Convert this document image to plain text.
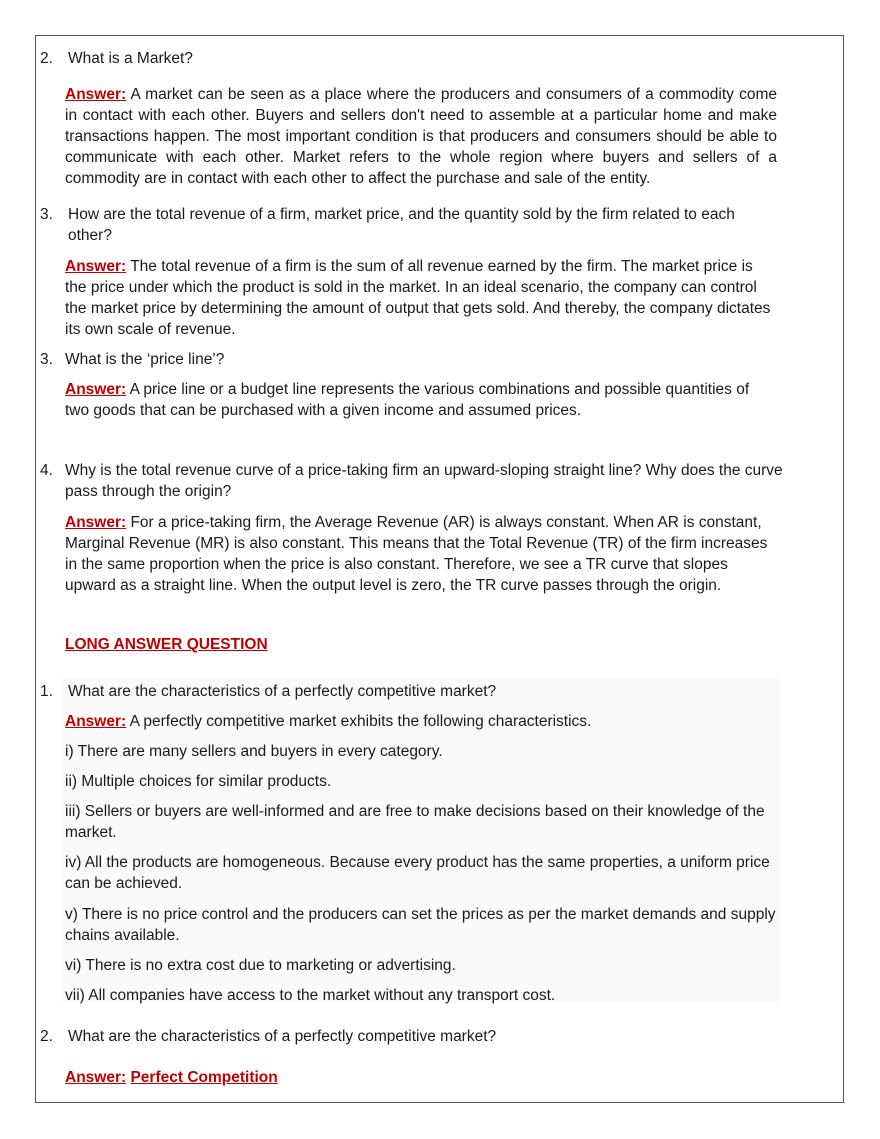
2. What is a Market?
Answer: A market can be seen as a place where the producers and consumers of a commodity come in contact with each other. Buyers and sellers don't need to assemble at a particular home and make transactions happen. The most important condition is that producers and consumers should be able to communicate with each other. Market refers to the whole region where buyers and sellers of a commodity are in contact with each other to affect the purchase and sale of the entity.
3. How are the total revenue of a firm, market price, and the quantity sold by the firm related to each other?
Answer: The total revenue of a firm is the sum of all revenue earned by the firm. The market price is the price under which the product is sold in the market. In an ideal scenario, the company can control the market price by determining the amount of output that gets sold. And thereby, the company dictates its own scale of revenue.
3. What is the ‘price line’?
Answer: A price line or a budget line represents the various combinations and possible quantities of two goods that can be purchased with a given income and assumed prices.
4. Why is the total revenue curve of a price-taking firm an upward-sloping straight line? Why does the curve pass through the origin?
Answer: For a price-taking firm, the Average Revenue (AR) is always constant. When AR is constant, Marginal Revenue (MR) is also constant. This means that the Total Revenue (TR) of the firm increases in the same proportion when the price is also constant. Therefore, we see a TR curve that slopes upward as a straight line. When the output level is zero, the TR curve passes through the origin.
LONG ANSWER QUESTION
1. What are the characteristics of a perfectly competitive market?
Answer: A perfectly competitive market exhibits the following characteristics.
i) There are many sellers and buyers in every category.
ii) Multiple choices for similar products.
iii) Sellers or buyers are well-informed and are free to make decisions based on their knowledge of the market.
iv) All the products are homogeneous. Because every product has the same properties, a uniform price can be achieved.
v) There is no price control and the producers can set the prices as per the market demands and supply chains available.
vi) There is no extra cost due to marketing or advertising.
vii) All companies have access to the market without any transport cost.
2. What are the characteristics of a perfectly competitive market?
Answer: Perfect Competition
